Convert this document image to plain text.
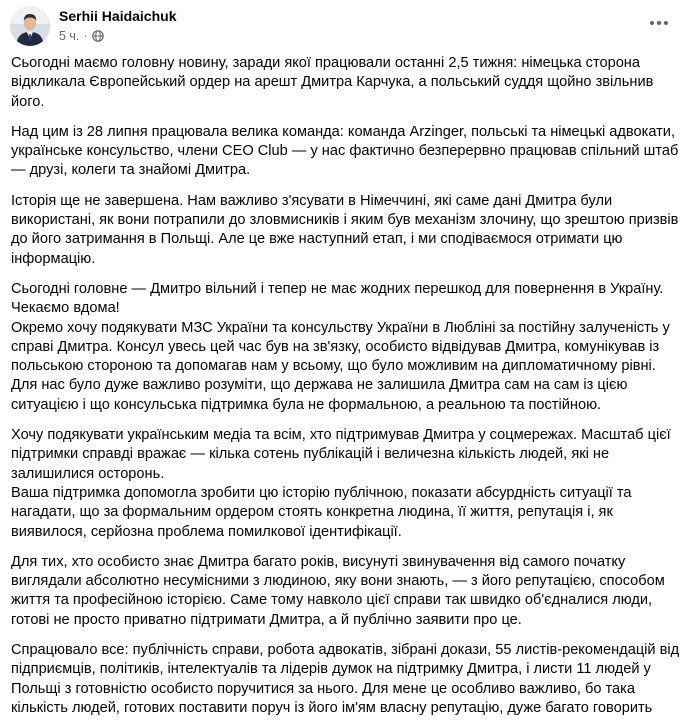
Serhii Haidaichuk
5 ч. ·

Сьогодні маємо головну новину, заради якої працювали останні 2,5 тижня: німецька сторона відкликала Європейський ордер на арешт Дмитра Карчука, а польський суддя щойно звільнив його.

Над цим із 28 липня працювала велика команда: команда Arzinger, польські та німецькі адвокати, українське консульство, члени CEO Club — у нас фактично безперервно працював спільний штаб — друзі, колеги та знайомі Дмитра.

Історія ще не завершена. Нам важливо з'ясувати в Німеччині, які саме дані Дмитра були використані, як вони потрапили до зловмисників і яким був механізм злочину, що зрештою призвів до його затримання в Польщі. Але це вже наступний етап, і ми сподіваємося отримати цю інформацію.

Сьогодні головне — Дмитро вільний і тепер не має жодних перешкод для повернення в Україну.
Чекаємо вдома!
Окремо хочу подякувати МЗС України та консульству України в Любліні за постійну залученість у справі Дмитра. Консул увесь цей час був на зв'язку, особисто відвідував Дмитра, комунікував із польською стороною та допомагав нам у всьому, що було можливим на дипломатичному рівні. Для нас було дуже важливо розуміти, що держава не залишила Дмитра сам на сам із цією ситуацією і що консульська підтримка була не формальною, а реальною та постійною.

Хочу подякувати українським медіа та всім, хто підтримував Дмитра у соцмережах. Масштаб цієї підтримки справді вражає — кілька сотень публікацій і величезна кількість людей, які не залишилися осторонь.
Ваша підтримка допомогла зробити цю історію публічною, показати абсурдність ситуації та нагадати, що за формальним ордером стоять конкретна людина, її життя, репутація і, як виявилося, серйозна проблема помилкової ідентифікації.

Для тих, хто особисто знає Дмитра багато років, висунуті звинувачення від самого початку виглядали абсолютно несумісними з людиною, яку вони знають, — з його репутацією, способом життя та професійною історією. Саме тому навколо цієї справи так швидко об'єдналися люди, готові не просто приватно підтримати Дмитра, а й публічно заявити про це.

Спрацювало все: публічність справи, робота адвокатів, зібрані докази, 55 листів-рекомендацій від підприємців, політиків, інтелектуалів та лідерів думок на підтримку Дмитра, і листи 11 людей у Польщі з готовністю особисто поручитися за нього. Для мене це особливо важливо, бо така кількість людей, готових поставити поруч із його ім'ям власну репутацію, дуже багато говорить
